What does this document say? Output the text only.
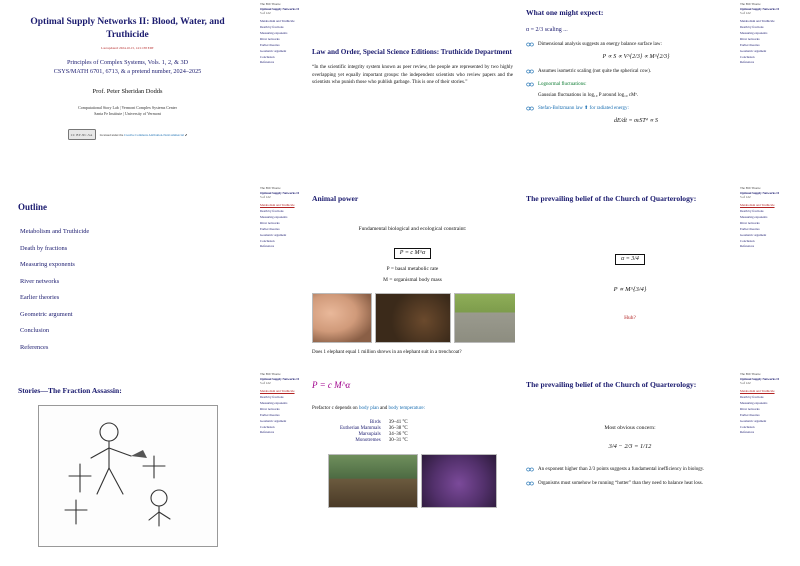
Optimal Supply Networks II: Blood, Water, and Truthicide
Last updated: 2024-10-15, 14:11:38 EDT
Principles of Complex Systems, Vols. 1, 2, & 3D
CSYS/MATH 6701, 6713, & a pretend number, 2024–2025
Prof. Peter Sheridan Dodds
Computational Story Lab | Vermont Complex Systems Center
Santa Fe Institute | University of Vermont
CC BY-NC-SA	Licensed under the Creative Commons Attribution-NonCommercial ⬈
The Bill Thorne
Optimal Supply Networks II
5 of 122
Metabolism and Truthicide
Death by fractions
Measuring exponents
River networks
Earlier theories
Geometric argument
Conclusion
References
Law and Order, Special Science Editions: Truthicide Department
“In the scientific integrity system known as peer review, the people are represented by two highly overlapping yet equally important groups: the independent scientists who review papers and the scientists who punish those who publish garbage. This is one of their stories.”
What one might expect:
α = 2/3 scaling ...
Dimensional analysis suggests an energy balance surface law:
P ∝ S ∝ V^{2/3} ∝ M^{2/3}
Assumes isometric scaling (not quite the spherical cow).
Lognormal fluctuations:
Gaussian fluctuations in log₁₀ P around log₁₀ cMᵅ.
Stefan-Boltzmann law ⬆ for radiated energy:
dE/dt = σεST⁴ ∝ S
The Bill Thorne
Optimal Supply Networks II
5 of 122
Metabolism and Truthicide
Death by fractions
Measuring exponents
River networks
Earlier theories
Geometric argument
Conclusion
References
Outline
Metabolism and Truthicide
Death by fractions
Measuring exponents
River networks
Earlier theories
Geometric argument
Conclusion
References
The Bill Thorne
Optimal Supply Networks II
5 of 122
Metabolism and Truthicide
Death by fractions
Measuring exponents
River networks
Earlier theories
Geometric argument
Conclusion
References
Animal power
Fundamental biological and ecological constraint:
P = c M^α
P = basal metabolic rate
M = organismal body mass
Does 1 elephant equal 1 million shrews in an elephant suit in a trenchcoat?
The prevailing belief of the Church of Quarterology:
α = 3/4
P ∝ M^{3/4}
Huh?
The Bill Thorne
Optimal Supply Networks II
5 of 122
Metabolism and Truthicide
Death by fractions
Measuring exponents
River networks
Earlier theories
Geometric argument
Conclusion
References
Stories—The Fraction Assassin:
The Bill Thorne
Optimal Supply Networks II
5 of 122
Metabolism and Truthicide
Death by fractions
Measuring exponents
River networks
Earlier theories
Geometric argument
Conclusion
References
P = c M^α
Prefactor c depends on body plan and body temperature:
Birds	39–41 °C
Eutherian Mammals	36–38 °C
Marsupials	34–36 °C
Monotremes	30–31 °C
The prevailing belief of the Church of Quarterology:
Most obvious concern:
3/4 − 2/3 = 1/12
An exponent higher than 2/3 points suggests a fundamental inefficiency in biology.
Organisms must somehow be running “hotter” than they need to balance heat loss.
The Bill Thorne
Optimal Supply Networks II
5 of 122
Metabolism and Truthicide
Death by fractions
Measuring exponents
River networks
Earlier theories
Geometric argument
Conclusion
References
